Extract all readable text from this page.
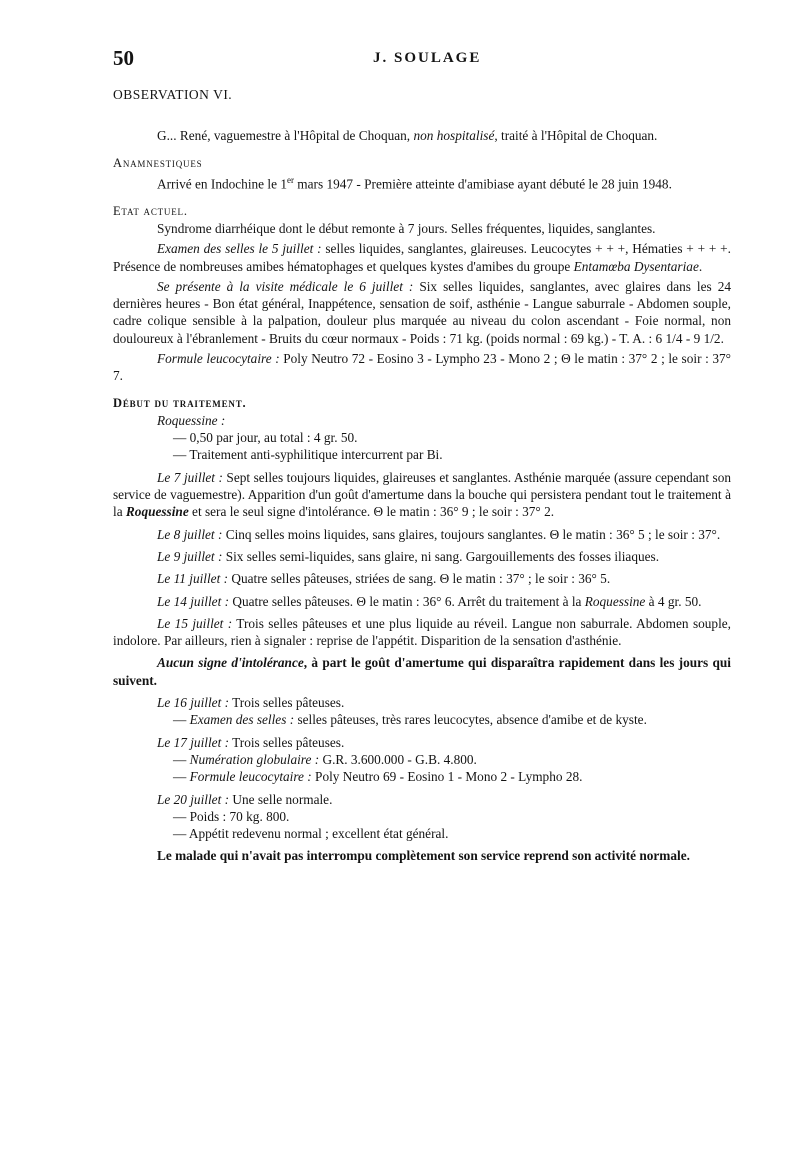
50	J. SOULAGE

OBSERVATION VI.

G... René, vaguemestre à l'Hôpital de Choquan, non hospitalisé, traité à l'Hôpital de Choquan.

Anamnestiques

Arrivé en Indochine le 1er mars 1947 - Première atteinte d'amibiase ayant débuté le 28 juin 1948.

Etat actuel.

Syndrome diarrhéique dont le début remonte à 7 jours. Selles fréquentes, liquides, sanglantes.

Examen des selles le 5 juillet : selles liquides, sanglantes, glaireuses. Leucocytes + + +, Hématies + + + +. Présence de nombreuses amibes hématophages et quelques kystes d'amibes du groupe Entamœba Dysentariae.

Se présente à la visite médicale le 6 juillet : Six selles liquides, sanglantes, avec glaires dans les 24 dernières heures - Bon état général, Inappétence, sensation de soif, asthénie - Langue saburrale - Abdomen souple, cadre colique sensible à la palpation, douleur plus marquée au niveau du colon ascendant - Foie normal, non douloureux à l'ébranlement - Bruits du cœur normaux - Poids : 71 kg. (poids normal : 69 kg.) - T. A. : 6 1/4 - 9 1/2.

Formule leucocytaire : Poly Neutro 72 - Eosino 3 - Lympho 23 - Mono 2 ; Θ le matin : 37° 2 ; le soir : 37° 7.

Début du traitement.

Roquessine :

— 0,50 par jour, au total : 4 gr. 50.

— Traitement anti-syphilitique intercurrent par Bi.

Le 7 juillet : Sept selles toujours liquides, glaireuses et sanglantes. Asthénie marquée (assure cependant son service de vaguemestre). Apparition d'un goût d'amertume dans la bouche qui persistera pendant tout le traitement à la Roquessine et sera le seul signe d'intolérance. Θ le matin : 36° 9 ; le soir : 37° 2.

Le 8 juillet : Cinq selles moins liquides, sans glaires, toujours sanglantes. Θ le matin : 36° 5 ; le soir : 37°.

Le 9 juillet : Six selles semi-liquides, sans glaire, ni sang. Gargouillements des fosses iliaques.

Le 11 juillet : Quatre selles pâteuses, striées de sang. Θ le matin : 37° ; le soir : 36° 5.

Le 14 juillet : Quatre selles pâteuses. Θ le matin : 36° 6. Arrêt du traitement à la Roquessine à 4 gr. 50.

Le 15 juillet : Trois selles pâteuses et une plus liquide au réveil. Langue non saburrale. Abdomen souple, indolore. Par ailleurs, rien à signaler : reprise de l'appétit. Disparition de la sensation d'asthénie.

Aucun signe d'intolérance, à part le goût d'amertume qui disparaîtra rapidement dans les jours qui suivent.

Le 16 juillet : Trois selles pâteuses.

— Examen des selles : selles pâteuses, très rares leucocytes, absence d'amibe et de kyste.

Le 17 juillet : Trois selles pâteuses.

— Numération globulaire : G.R. 3.600.000 - G.B. 4.800.

— Formule leucocytaire : Poly Neutro 69 - Eosino 1 - Mono 2 - Lympho 28.

Le 20 juillet : Une selle normale.

— Poids : 70 kg. 800.

— Appétit redevenu normal ; excellent état général.

Le malade qui n'avait pas interrompu complètement son service reprend son activité normale.
